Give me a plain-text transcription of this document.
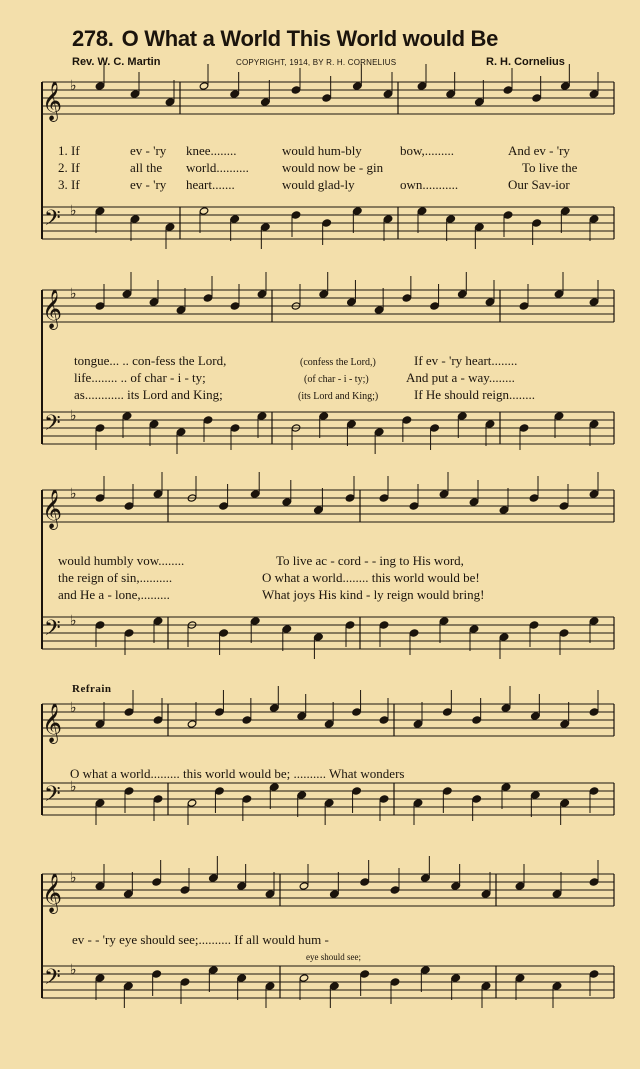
278. O What a World This World would Be
Rev. W. C. Martin	COPYRIGHT, 1914, BY R. H. CORNELIUS	R. H. Cornelius
𝄞 ♭
𝄢 ♭
𝄞 ♭
𝄢 ♭
𝄞 ♭
𝄢 ♭
𝄞 ♭
𝄢 ♭
𝄞 ♭
𝄢 ♭
1. If	ev - 'ry knee........	would hum-bly	bow,.........	And ev - 'ry
2. If	all the world..........	would now be - gin	To live the
3. If	ev - 'ry heart.......	would glad-ly	own...........	Our Sav-ior
tongue... .. con-fess the Lord,	(confess the Lord,)	If ev - 'ry heart........
life........ .. of char - i - ty;	(of char - i - ty;)	And put a - way........
as............ its Lord and King;	(its Lord and King;)	If He should reign........
would humbly vow........	To live ac - cord - - ing to His word,
the reign of sin,..........	O what a world........ this world would be!
and He a - lone,.........	What joys His kind - ly reign would bring!
Refrain
O what a world......... this world would be; .......... What wonders
ev - - 'ry eye should see;.......... If all would hum -
eye should see;
